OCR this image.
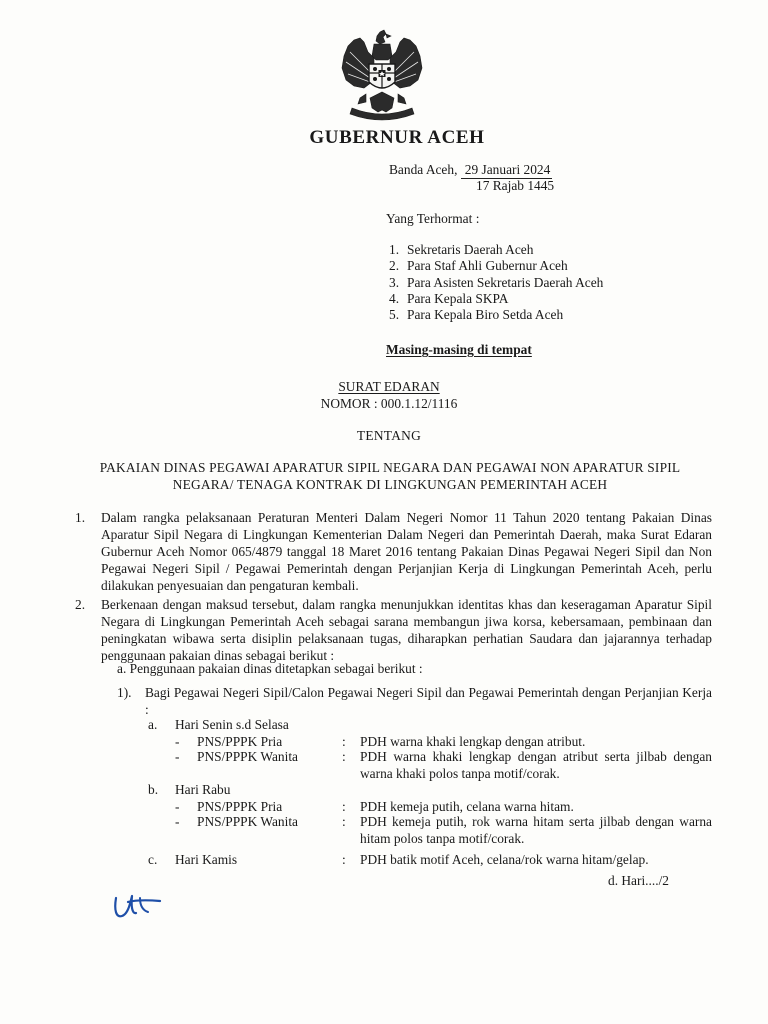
GUBERNUR ACEH
Banda Aceh, 29 Januari 2024
17 Rajab 1445
Yang Terhormat :
1. Sekretaris Daerah Aceh
2. Para Staf Ahli Gubernur Aceh
3. Para Asisten Sekretaris Daerah Aceh
4. Para Kepala SKPA
5. Para Kepala Biro Setda Aceh
Masing-masing di tempat
SURAT EDARAN
NOMOR : 000.1.12/1116
TENTANG
PAKAIAN DINAS PEGAWAI APARATUR SIPIL NEGARA DAN PEGAWAI NON APARATUR SIPIL NEGARA/ TENAGA KONTRAK DI LINGKUNGAN PEMERINTAH ACEH
1. Dalam rangka pelaksanaan Peraturan Menteri Dalam Negeri Nomor 11 Tahun 2020 tentang Pakaian Dinas Aparatur Sipil Negara di Lingkungan Kementerian Dalam Negeri dan Pemerintah Daerah, maka Surat Edaran Gubernur Aceh Nomor 065/4879 tanggal 18 Maret 2016 tentang Pakaian Dinas Pegawai Negeri Sipil dan Non Pegawai Negeri Sipil / Pegawai Pemerintah dengan Perjanjian Kerja di Lingkungan Pemerintah Aceh, perlu dilakukan penyesuaian dan pengaturan kembali.
2. Berkenaan dengan maksud tersebut, dalam rangka menunjukkan identitas khas dan keseragaman Aparatur Sipil Negara di Lingkungan Pemerintah Aceh sebagai sarana membangun jiwa korsa, kebersamaan, pembinaan dan peningkatan wibawa serta disiplin pelaksanaan tugas, diharapkan perhatian Saudara dan jajarannya terhadap penggunaan pakaian dinas sebagai berikut :
a. Penggunaan pakaian dinas ditetapkan sebagai berikut :
1). Bagi Pegawai Negeri Sipil/Calon Pegawai Negeri Sipil dan Pegawai Pemerintah dengan Perjanjian Kerja :
a. Hari Senin s.d Selasa
- PNS/PPPK Pria	: PDH warna khaki lengkap dengan atribut.
- PNS/PPPK Wanita	: PDH warna khaki lengkap dengan atribut serta jilbab dengan warna khaki polos tanpa motif/corak.
b. Hari Rabu
- PNS/PPPK Pria	: PDH kemeja putih, celana warna hitam.
- PNS/PPPK Wanita	: PDH kemeja putih, rok warna hitam serta jilbab dengan warna hitam polos tanpa motif/corak.
c. Hari Kamis	: PDH batik motif Aceh, celana/rok warna hitam/gelap.
d. Hari..../2
